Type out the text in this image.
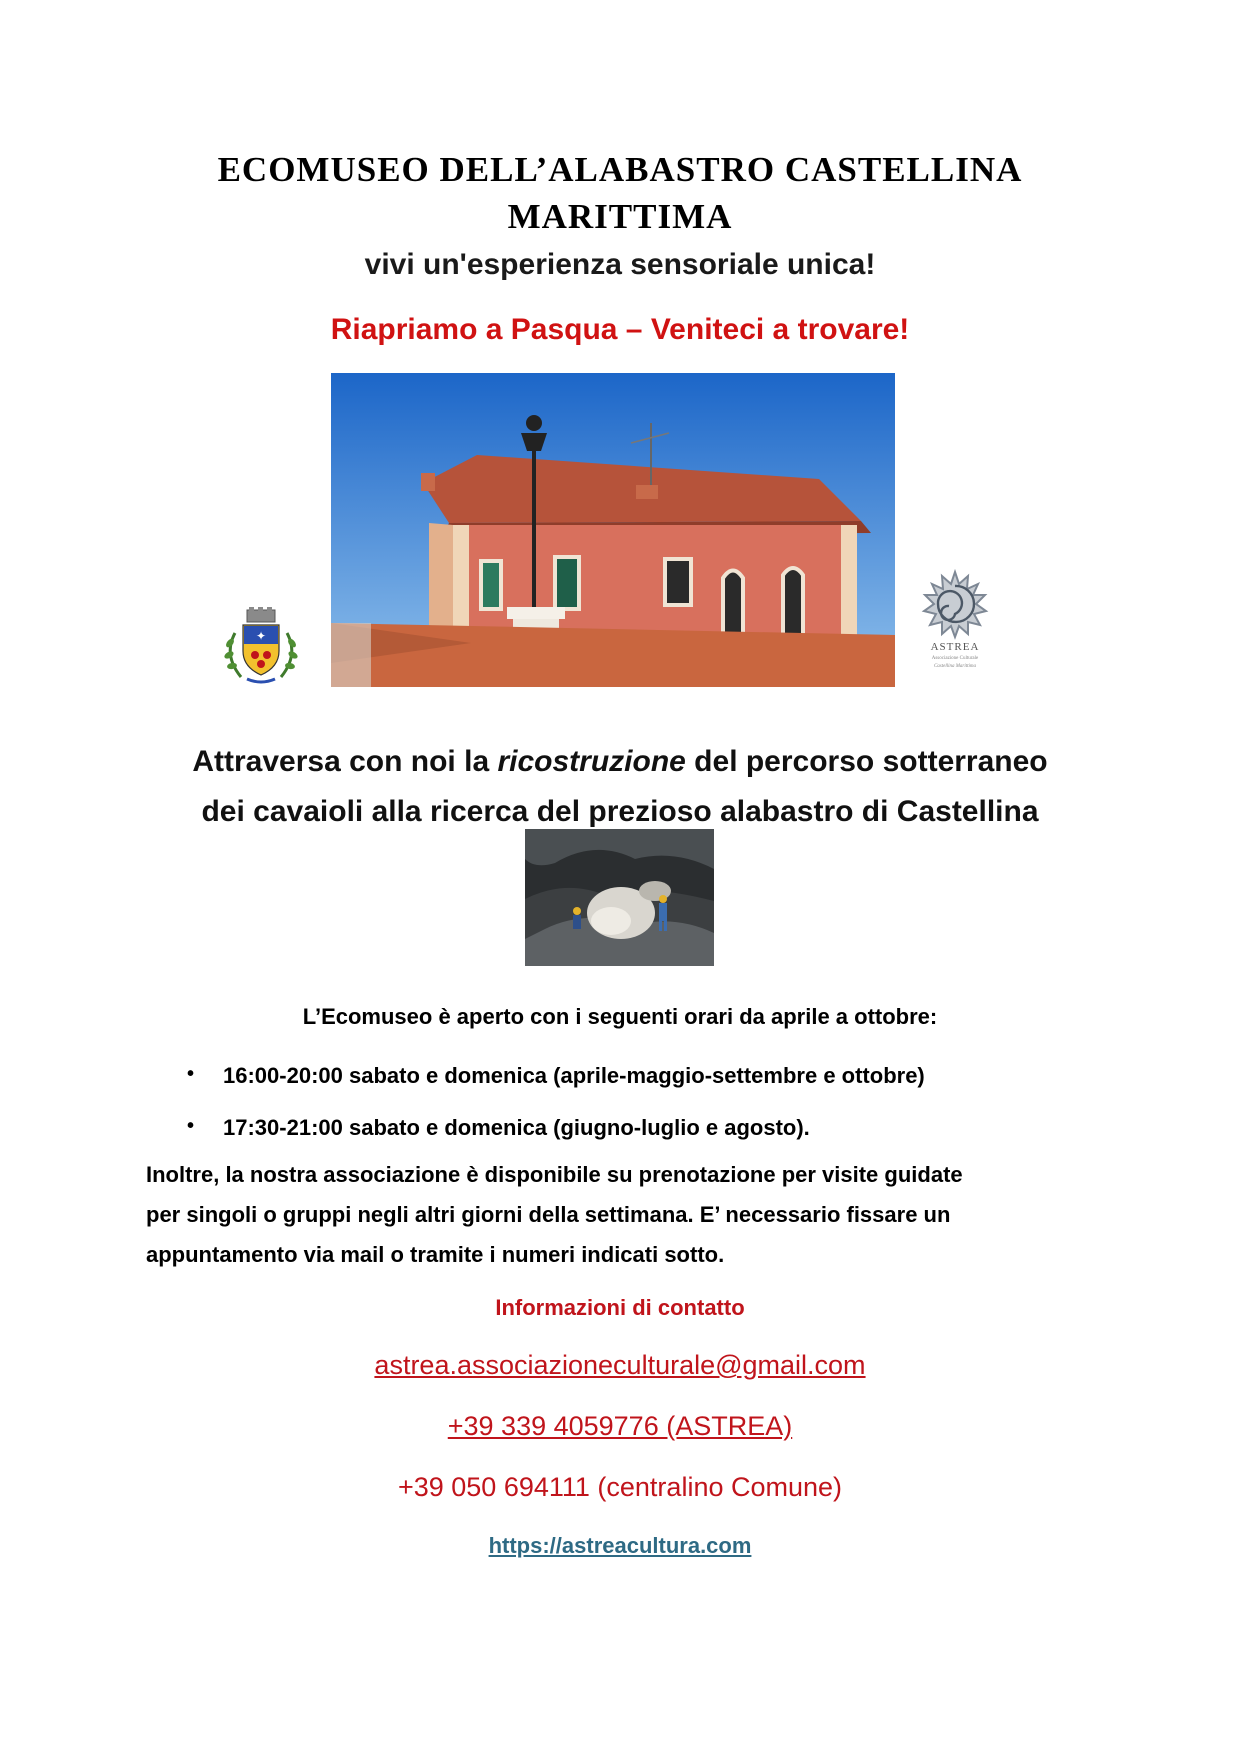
ECOMUSEO DELL’ALABASTRO CASTELLINA
MARITTIMA
vivi un'esperienza sensoriale unica!
Riapriamo a Pasqua – Veniteci a trovare!
✦
ASTREA
Associazione Culturale
Castellina Marittima
Attraversa con noi la ricostruzione del percorso sotterraneo
dei cavaioli alla ricerca del prezioso alabastro di Castellina
L’Ecomuseo è aperto con i seguenti orari da aprile a ottobre:
• 16:00-20:00 sabato e domenica (aprile-maggio-settembre e ottobre)
• 17:30-21:00 sabato e domenica (giugno-luglio e agosto).
Inoltre, la nostra associazione è disponibile su prenotazione per visite guidate
per singoli o gruppi negli altri giorni della settimana. E’ necessario fissare un
appuntamento via mail o tramite i numeri indicati sotto.
Informazioni di contatto
astrea.associazioneculturale@gmail.com
+39 339 4059776 (ASTREA)
+39 050 694111 (centralino Comune)
https://astreacultura.com
